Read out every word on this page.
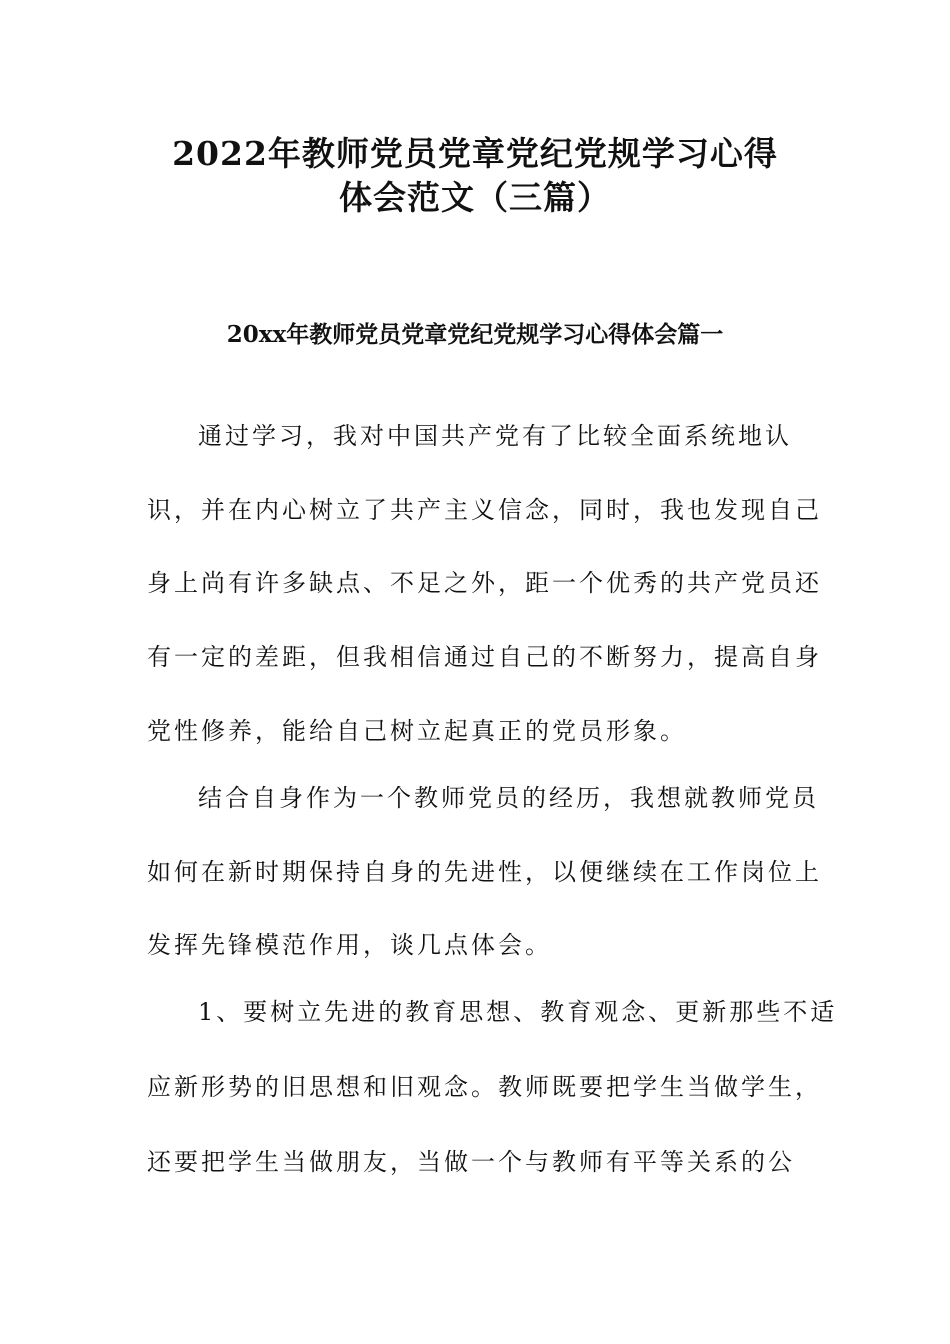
2022年教师党员党章党纪党规学习心得
体会范文（三篇）
20xx年教师党员党章党纪党规学习心得体会篇一

通过学习，我对中国共产党有了比较全面系统地认

识，并在内心树立了共产主义信念，同时，我也发现自己

身上尚有许多缺点、不足之外，距一个优秀的共产党员还

有一定的差距，但我相信通过自己的不断努力，提高自身

党性修养，能给自己树立起真正的党员形象。

结合自身作为一个教师党员的经历，我想就教师党员

如何在新时期保持自身的先进性，以便继续在工作岗位上

发挥先锋模范作用，谈几点体会。

1、要树立先进的教育思想、教育观念、更新那些不适

应新形势的旧思想和旧观念。教师既要把学生当做学生，

还要把学生当做朋友，当做一个与教师有平等关系的公
